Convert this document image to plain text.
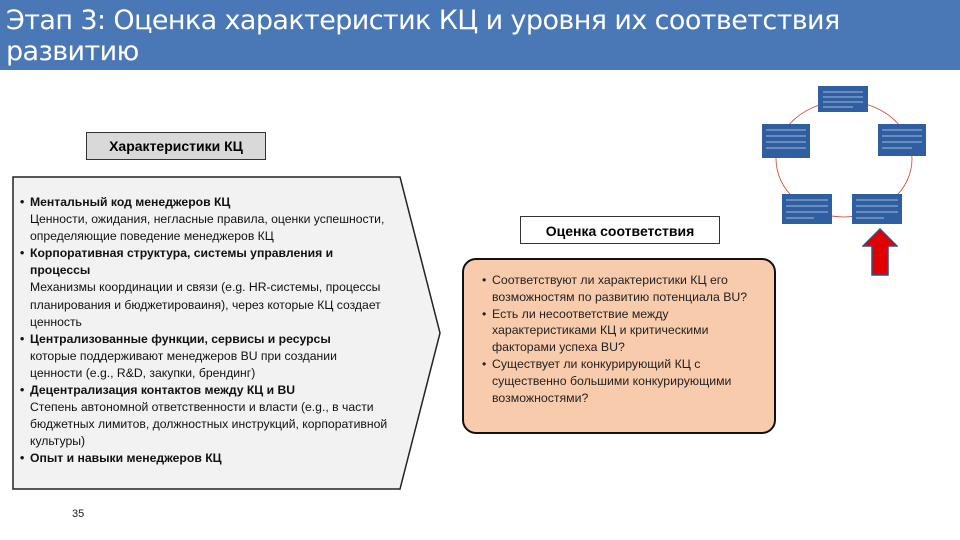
Этап 3: Оценка характеристик КЦ и уровня их соответствия развитию
потенциала BU
Характеристики КЦ
• Ментальный код менеджеров КЦ
Ценности, ожидания, негласные правила, оценки успешности, определяющие поведение менеджеров КЦ
• Корпоративная структура, системы управления и процессы
Механизмы координации и связи (e.g. HR-системы, процессы планирования и бюджетироваиня), через которые КЦ создает ценность
• Централизованные функции, сервисы и ресурсы
которые поддерживают менеджеров BU при создании ценности (e.g., R&D, закупки, брендинг)
• Децентрализация контактов между КЦ и BU
Степень автономной ответственности и власти (e.g., в части бюджетных лимитов, должностных инструкций, корпоративной культуры)
• Опыт и навыки менеджеров КЦ
35
Оценка соответствия
• Соответствуют ли характеристики КЦ его возможностям по развитию потенциала BU?
• Есть ли несоответствие между характеристиками КЦ и критическими факторами успеха BU?
• Существует ли конкурирующий КЦ с существенно большими конкурирующими возможностями?
